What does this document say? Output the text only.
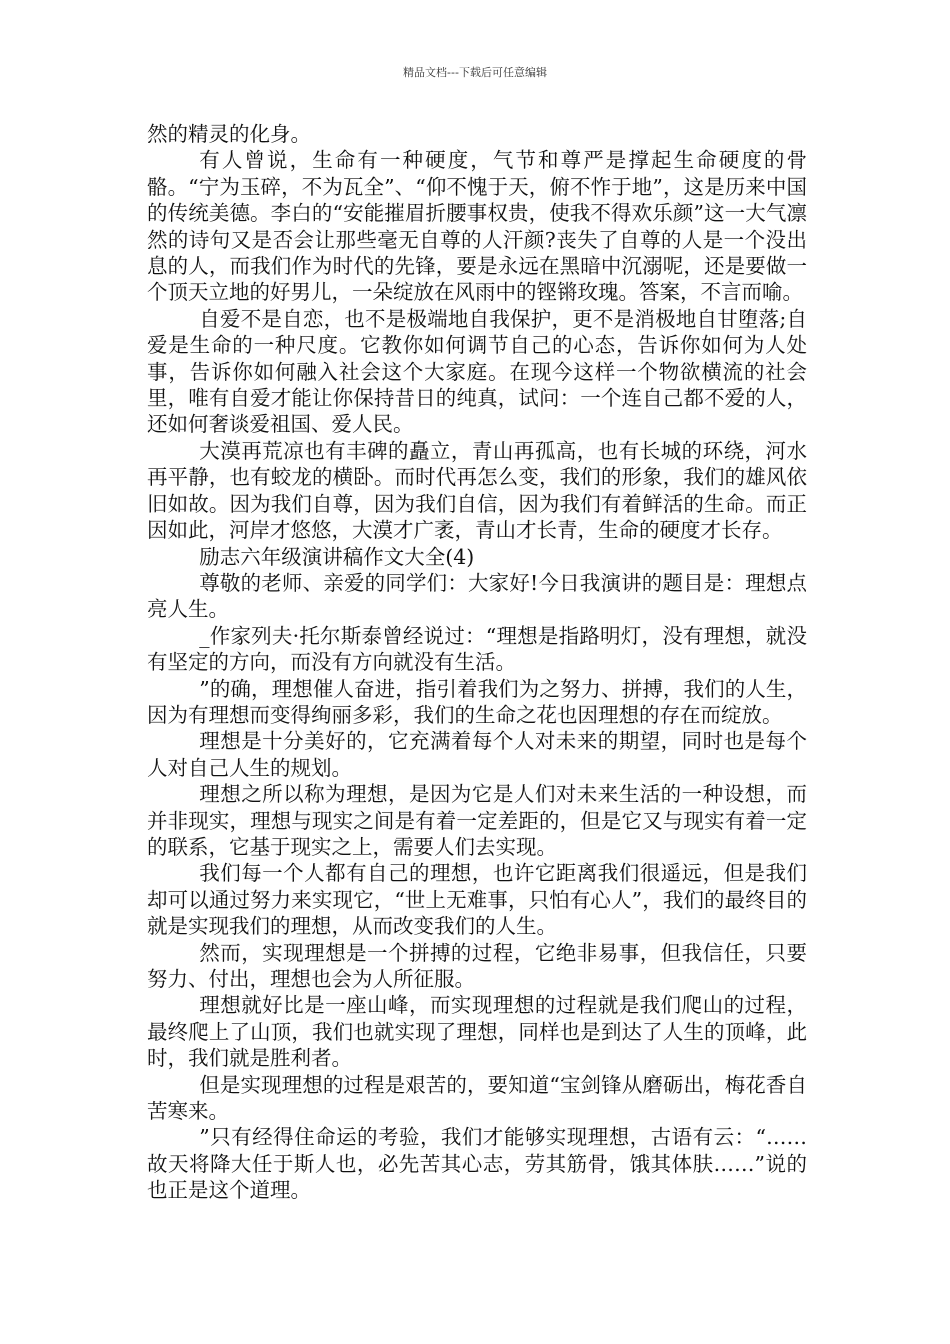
精品文档---下载后可任意编辑

然的精灵的化身。

有人曾说，生命有一种硬度，气节和尊严是撑起生命硬度的骨骼。“宁为玉碎，不为瓦全”、“仰不愧于天，俯不怍于地”，这是历来中国的传统美德。李白的“安能摧眉折腰事权贵，使我不得欢乐颜”这一大气凛然的诗句又是否会让那些毫无自尊的人汗颜?丧失了自尊的人是一个没出息的人，而我们作为时代的先锋，要是永远在黑暗中沉溺呢，还是要做一个顶天立地的好男儿，一朵绽放在风雨中的铿锵玫瑰。答案，不言而喻。

自爱不是自恋，也不是极端地自我保护，更不是消极地自甘堕落;自爱是生命的一种尺度。它教你如何调节自己的心态，告诉你如何为人处事，告诉你如何融入社会这个大家庭。在现今这样一个物欲横流的社会里，唯有自爱才能让你保持昔日的纯真，试问：一个连自己都不爱的人，还如何奢谈爱祖国、爱人民。

大漠再荒凉也有丰碑的矗立，青山再孤高，也有长城的环绕，河水再平静，也有蛟龙的横卧。而时代再怎么变，我们的形象，我们的雄风依旧如故。因为我们自尊，因为我们自信，因为我们有着鲜活的生命。而正因如此，河岸才悠悠，大漠才广袤，青山才长青，生命的硬度才长存。

励志六年级演讲稿作文大全(4)

尊敬的老师、亲爱的同学们：大家好!今日我演讲的题目是：理想点亮人生。

_作家列夫·托尔斯泰曾经说过：“理想是指路明灯，没有理想，就没有坚定的方向，而没有方向就没有生活。

”的确，理想催人奋进，指引着我们为之努力、拼搏，我们的人生，因为有理想而变得绚丽多彩，我们的生命之花也因理想的存在而绽放。

理想是十分美好的，它充满着每个人对未来的期望，同时也是每个人对自己人生的规划。

理想之所以称为理想，是因为它是人们对未来生活的一种设想，而并非现实，理想与现实之间是有着一定差距的，但是它又与现实有着一定的联系，它基于现实之上，需要人们去实现。

我们每一个人都有自己的理想，也许它距离我们很遥远，但是我们却可以通过努力来实现它，“世上无难事，只怕有心人”，我们的最终目的就是实现我们的理想，从而改变我们的人生。

然而，实现理想是一个拼搏的过程，它绝非易事，但我信任，只要努力、付出，理想也会为人所征服。

理想就好比是一座山峰，而实现理想的过程就是我们爬山的过程，最终爬上了山顶，我们也就实现了理想，同样也是到达了人生的顶峰，此时，我们就是胜利者。

但是实现理想的过程是艰苦的，要知道“宝剑锋从磨砺出，梅花香自苦寒来。

”只有经得住命运的考验，我们才能够实现理想，古语有云：“……故天将降大任于斯人也，必先苦其心志，劳其筋骨，饿其体肤……”说的也正是这个道理。
